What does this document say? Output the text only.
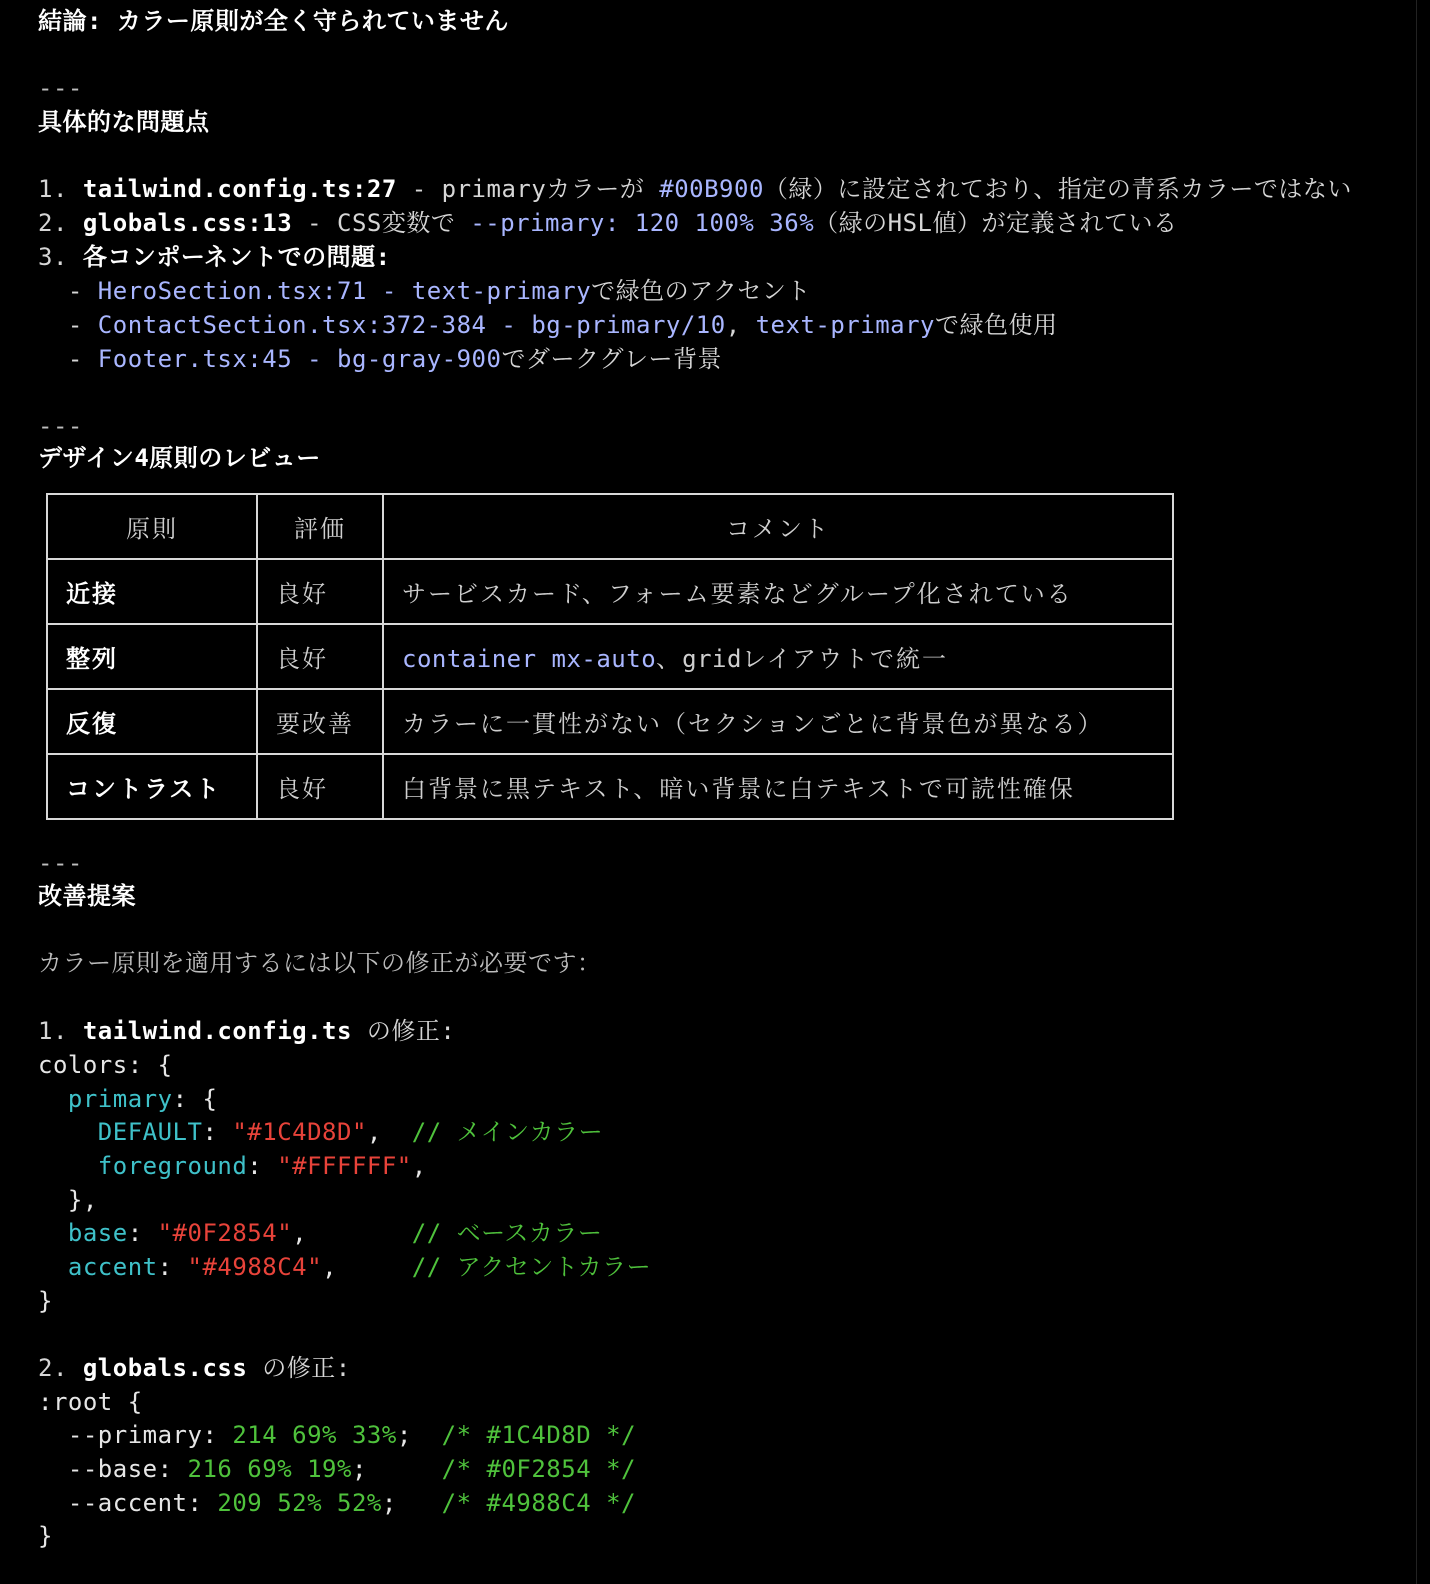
結論: カラー原則が全く守られていません
---
具体的な問題点
1. tailwind.config.ts:27 - primaryカラーが #00B900（緑）に設定されており、指定の青系カラーではない
2. globals.css:13 - CSS変数で --primary: 120 100% 36%（緑のHSL値）が定義されている
3. 各コンポーネントでの問題:
- HeroSection.tsx:71 - text-primaryで緑色のアクセント
- ContactSection.tsx:372-384 - bg-primary/10, text-primaryで緑色使用
- Footer.tsx:45 - bg-gray-900でダークグレー背景
---
デザイン4原則のレビュー
原則	評価	コメント
近接	良好	サービスカード、フォーム要素などグループ化されている
整列	良好	container mx-auto、gridレイアウトで統一
反復	要改善	カラーに一貫性がない（セクションごとに背景色が異なる）
コントラスト	良好	白背景に黒テキスト、暗い背景に白テキストで可読性確保
---
改善提案
カラー原則を適用するには以下の修正が必要です：
1. tailwind.config.ts の修正:
colors: {
primary: {
DEFAULT: "#1C4D8D",  // メインカラー
foreground: "#FFFFFF",
},
base: "#0F2854",       // ベースカラー
accent: "#4988C4",     // アクセントカラー
}
2. globals.css の修正:
:root {
--primary: 214 69% 33%;  /* #1C4D8D */
--base: 216 69% 19%;     /* #0F2854 */
--accent: 209 52% 52%;   /* #4988C4 */
}
